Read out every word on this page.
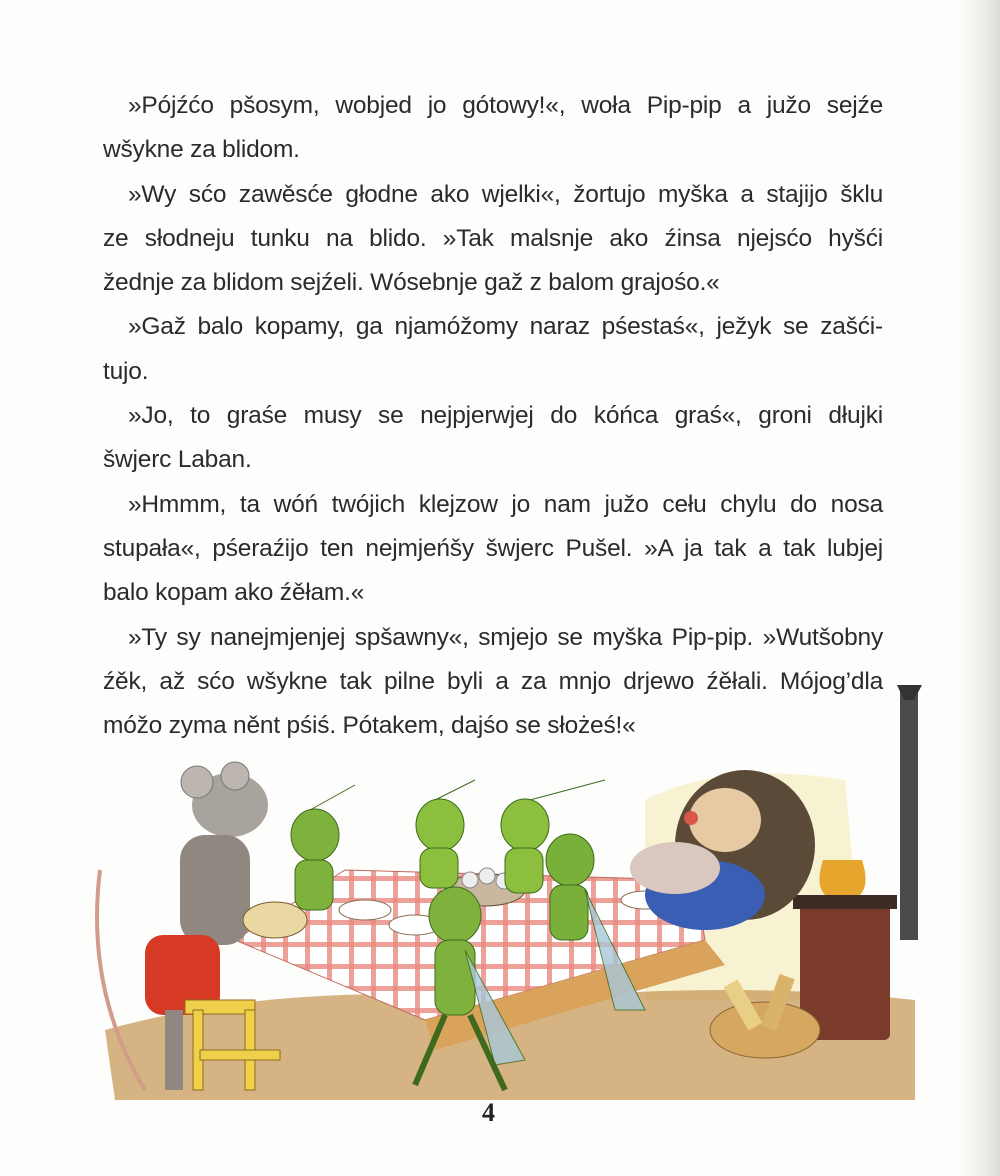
»Pójźćo pšosym, wobjed jo gótowy!«, woła Pip-pip a južo sejźe
wšykne za blidom.
»Wy sćo zawěsće głodne ako wjelki«, žortujo myška a stajijo šklu
ze słodneju tunku na blido. »Tak malsnje ako źinsa njejsćo hyšći
žednje za blidom sejźeli. Wósebnje gaž z balom grajośo.«
»Gaž balo kopamy, ga njamóžomy naraz pśestaś«, ježyk se zašći-
tujo.
»Jo, to graśe musy se nejpjerwjej do kóńca graś«, groni dłujki
šwjerc Laban.
»Hmmm, ta wóń twójich klejzow jo nam južo cełu chylu do nosa
stupała«, pśeraźijo ten nejmjeńšy šwjerc Pušel. »A ja tak a tak lubjej
balo kopam ako źěłam.«
»Ty sy nanejmjenjej spšawny«, smjejo se myška Pip-pip. »Wutšobny
źěk, až sćo wšykne tak pilne byli a za mnjo drjewo źěłali. Mójog’dla
móžo zyma něnt pśiś. Pótakem, dajśo se słożeś!«
4
